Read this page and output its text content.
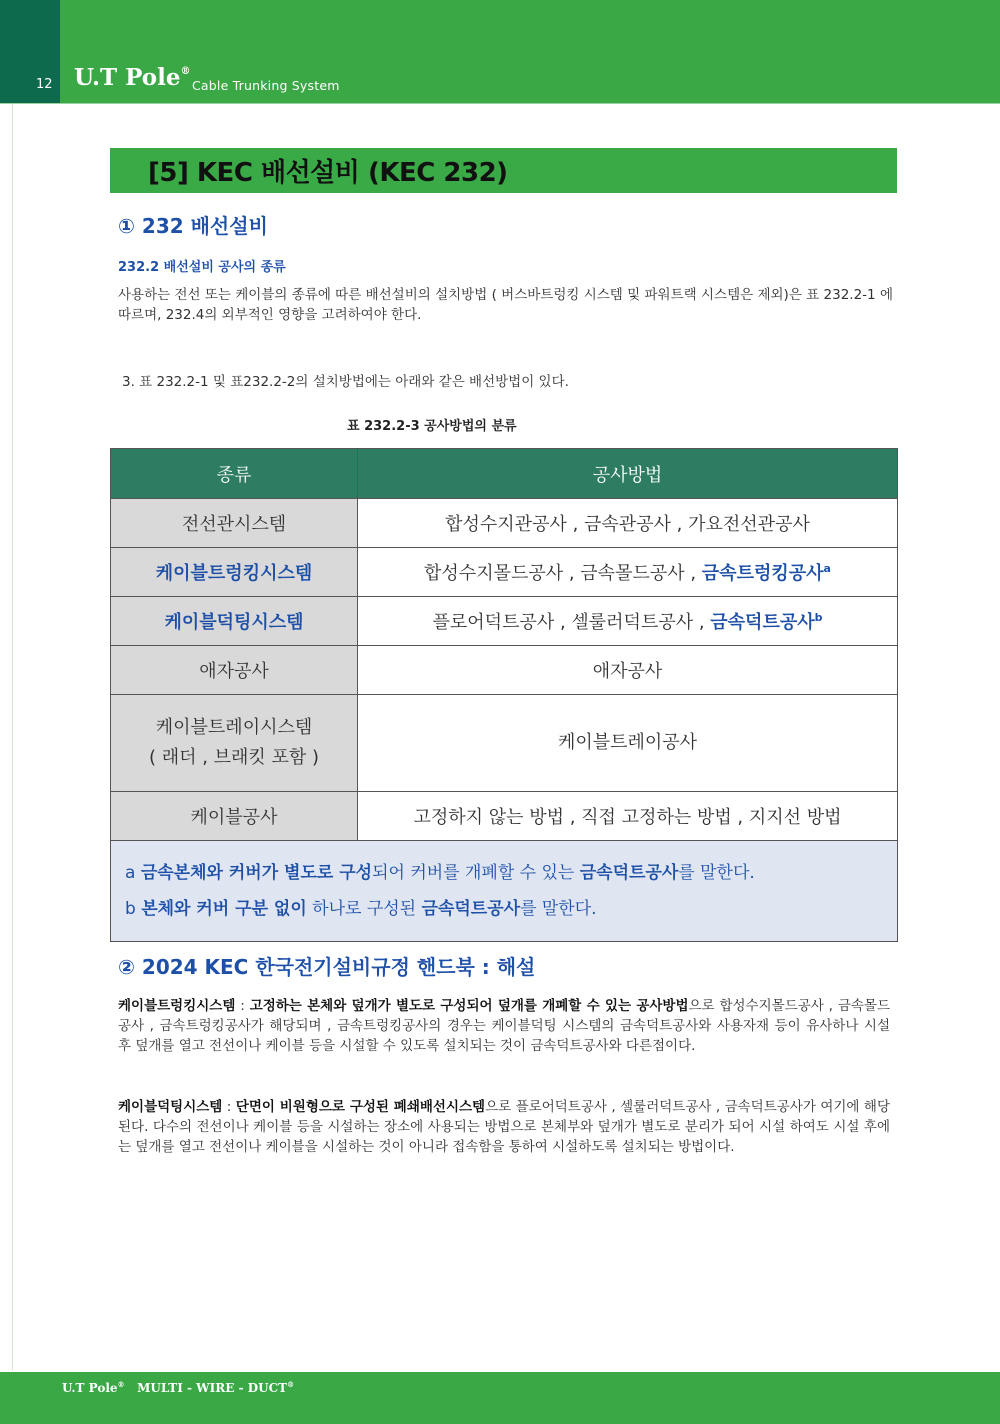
12 U.T Pole®
Cable Trunking System
[5] KEC 배선설비 (KEC 232)
① 232 배선설비
232.2 배선설비 공사의 종류
사용하는 전선 또는 케이블의 종류에 따른 배선설비의 설치방법 ( 버스바트렁킹 시스템 및 파워트랙 시스템은 제외)은 표 232.2-1 에 따르며, 232.4의 외부적인 영향을 고려하여야 한다.
3. 표 232.2-1 및 표232.2-2의 설치방법에는 아래와 같은 배선방법이 있다.
표 232.2-3 공사방법의 분류
종류	공사방법
전선관시스템	합성수지관공사 , 금속관공사 , 가요전선관공사
케이블트렁킹시스템	합성수지몰드공사 , 금속몰드공사 , 금속트렁킹공사$^a$
케이블덕팅시스템	플로어덕트공사 , 셀룰러덕트공사 , 금속덕트공사$^b$
애자공사	애자공사
케이블트레이시스템
( 래더 , 브래킷 포함 )	케이블트레이공사
케이블공사	고정하지 않는 방법 , 직접 고정하는 방법 , 지지선 방법

a 금속본체와 커버가 별도로 구성되어 커버를 개폐할 수 있는 금속덕트공사를 말한다.
b 본체와 커버 구분 없이 하나로 구성된 금속덕트공사를 말한다.	
② 2024 KEC 한국전기설비규정 핸드북 : 해설
케이블트렁킹시스템 : 고정하는 본체와 덮개가 별도로 구성되어 덮개를 개폐할 수 있는 공사방법으로 합성수지몰드공사 , 금속몰드공사 , 금속트렁킹공사가 해당되며 , 금속트렁킹공사의 경우는 케이블덕팅 시스템의 금속덕트공사와 사용자재 등이 유사하나 시설 후 덮개를 열고 전선이나 케이블 등을 시설할 수 있도록 설치되는 것이 금속덕트공사와 다른점이다.
케이블덕팅시스템 : 단면이 비원형으로 구성된 폐쇄배선시스템으로 플로어덕트공사 , 셀룰러덕트공사 , 금속덕트공사가 여기에 해당된다. 다수의 전선이나 케이블 등을 시설하는 장소에 사용되는 방법으로 본체부와 덮개가 별도로 분리가 되어 시설 하여도 시설 후에는 덮개를 열고 전선이나 케이블을 시설하는 것이 아니라 접속함을 통하여 시설하도록 설치되는 방법이다.
U.T Pole® MULTI - WIRE - DUCT®
